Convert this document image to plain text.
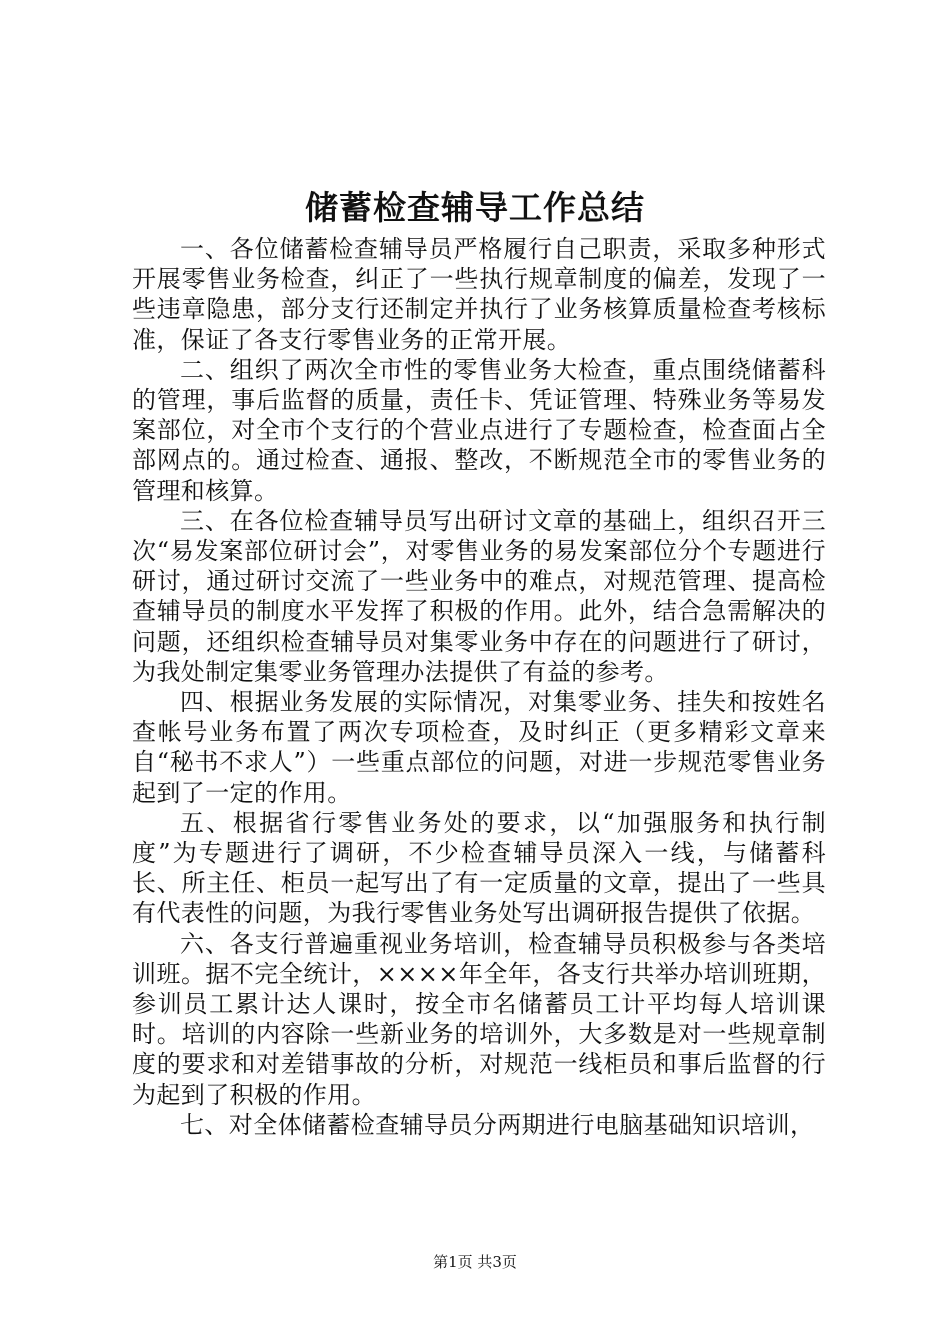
储蓄检查辅导工作总结

一、各位储蓄检查辅导员严格履行自己职责，采取多种形式开展零售业务检查，纠正了一些执行规章制度的偏差，发现了一些违章隐患，部分支行还制定并执行了业务核算质量检查考核标准，保证了各支行零售业务的正常开展。

二、组织了两次全市性的零售业务大检查，重点围绕储蓄科的管理，事后监督的质量，责任卡、凭证管理、特殊业务等易发案部位，对全市个支行的个营业点进行了专题检查，检查面占全部网点的。通过检查、通报、整改，不断规范全市的零售业务的管理和核算。

三、在各位检查辅导员写出研讨文章的基础上，组织召开三次“易发案部位研讨会”，对零售业务的易发案部位分个专题进行研讨，通过研讨交流了一些业务中的难点，对规范管理、提高检查辅导员的制度水平发挥了积极的作用。此外，结合急需解决的问题，还组织检查辅导员对集零业务中存在的问题进行了研讨，为我处制定集零业务管理办法提供了有益的参考。

四、根据业务发展的实际情况，对集零业务、挂失和按姓名查帐号业务布置了两次专项检查，及时纠正（更多精彩文章来自“秘书不求人”）一些重点部位的问题，对进一步规范零售业务起到了一定的作用。

五、根据省行零售业务处的要求，以“加强服务和执行制度”为专题进行了调研，不少检查辅导员深入一线，与储蓄科长、所主任、柜员一起写出了有一定质量的文章，提出了一些具有代表性的问题，为我行零售业务处写出调研报告提供了依据。

六、各支行普遍重视业务培训，检查辅导员积极参与各类培训班。据不完全统计，××××年全年，各支行共举办培训班期，参训员工累计达人课时，按全市名储蓄员工计平均每人培训课时。培训的内容除一些新业务的培训外，大多数是对一些规章制度的要求和对差错事故的分析，对规范一线柜员和事后监督的行为起到了积极的作用。

七、对全体储蓄检查辅导员分两期进行电脑基础知识培训，

第1页 共3页
